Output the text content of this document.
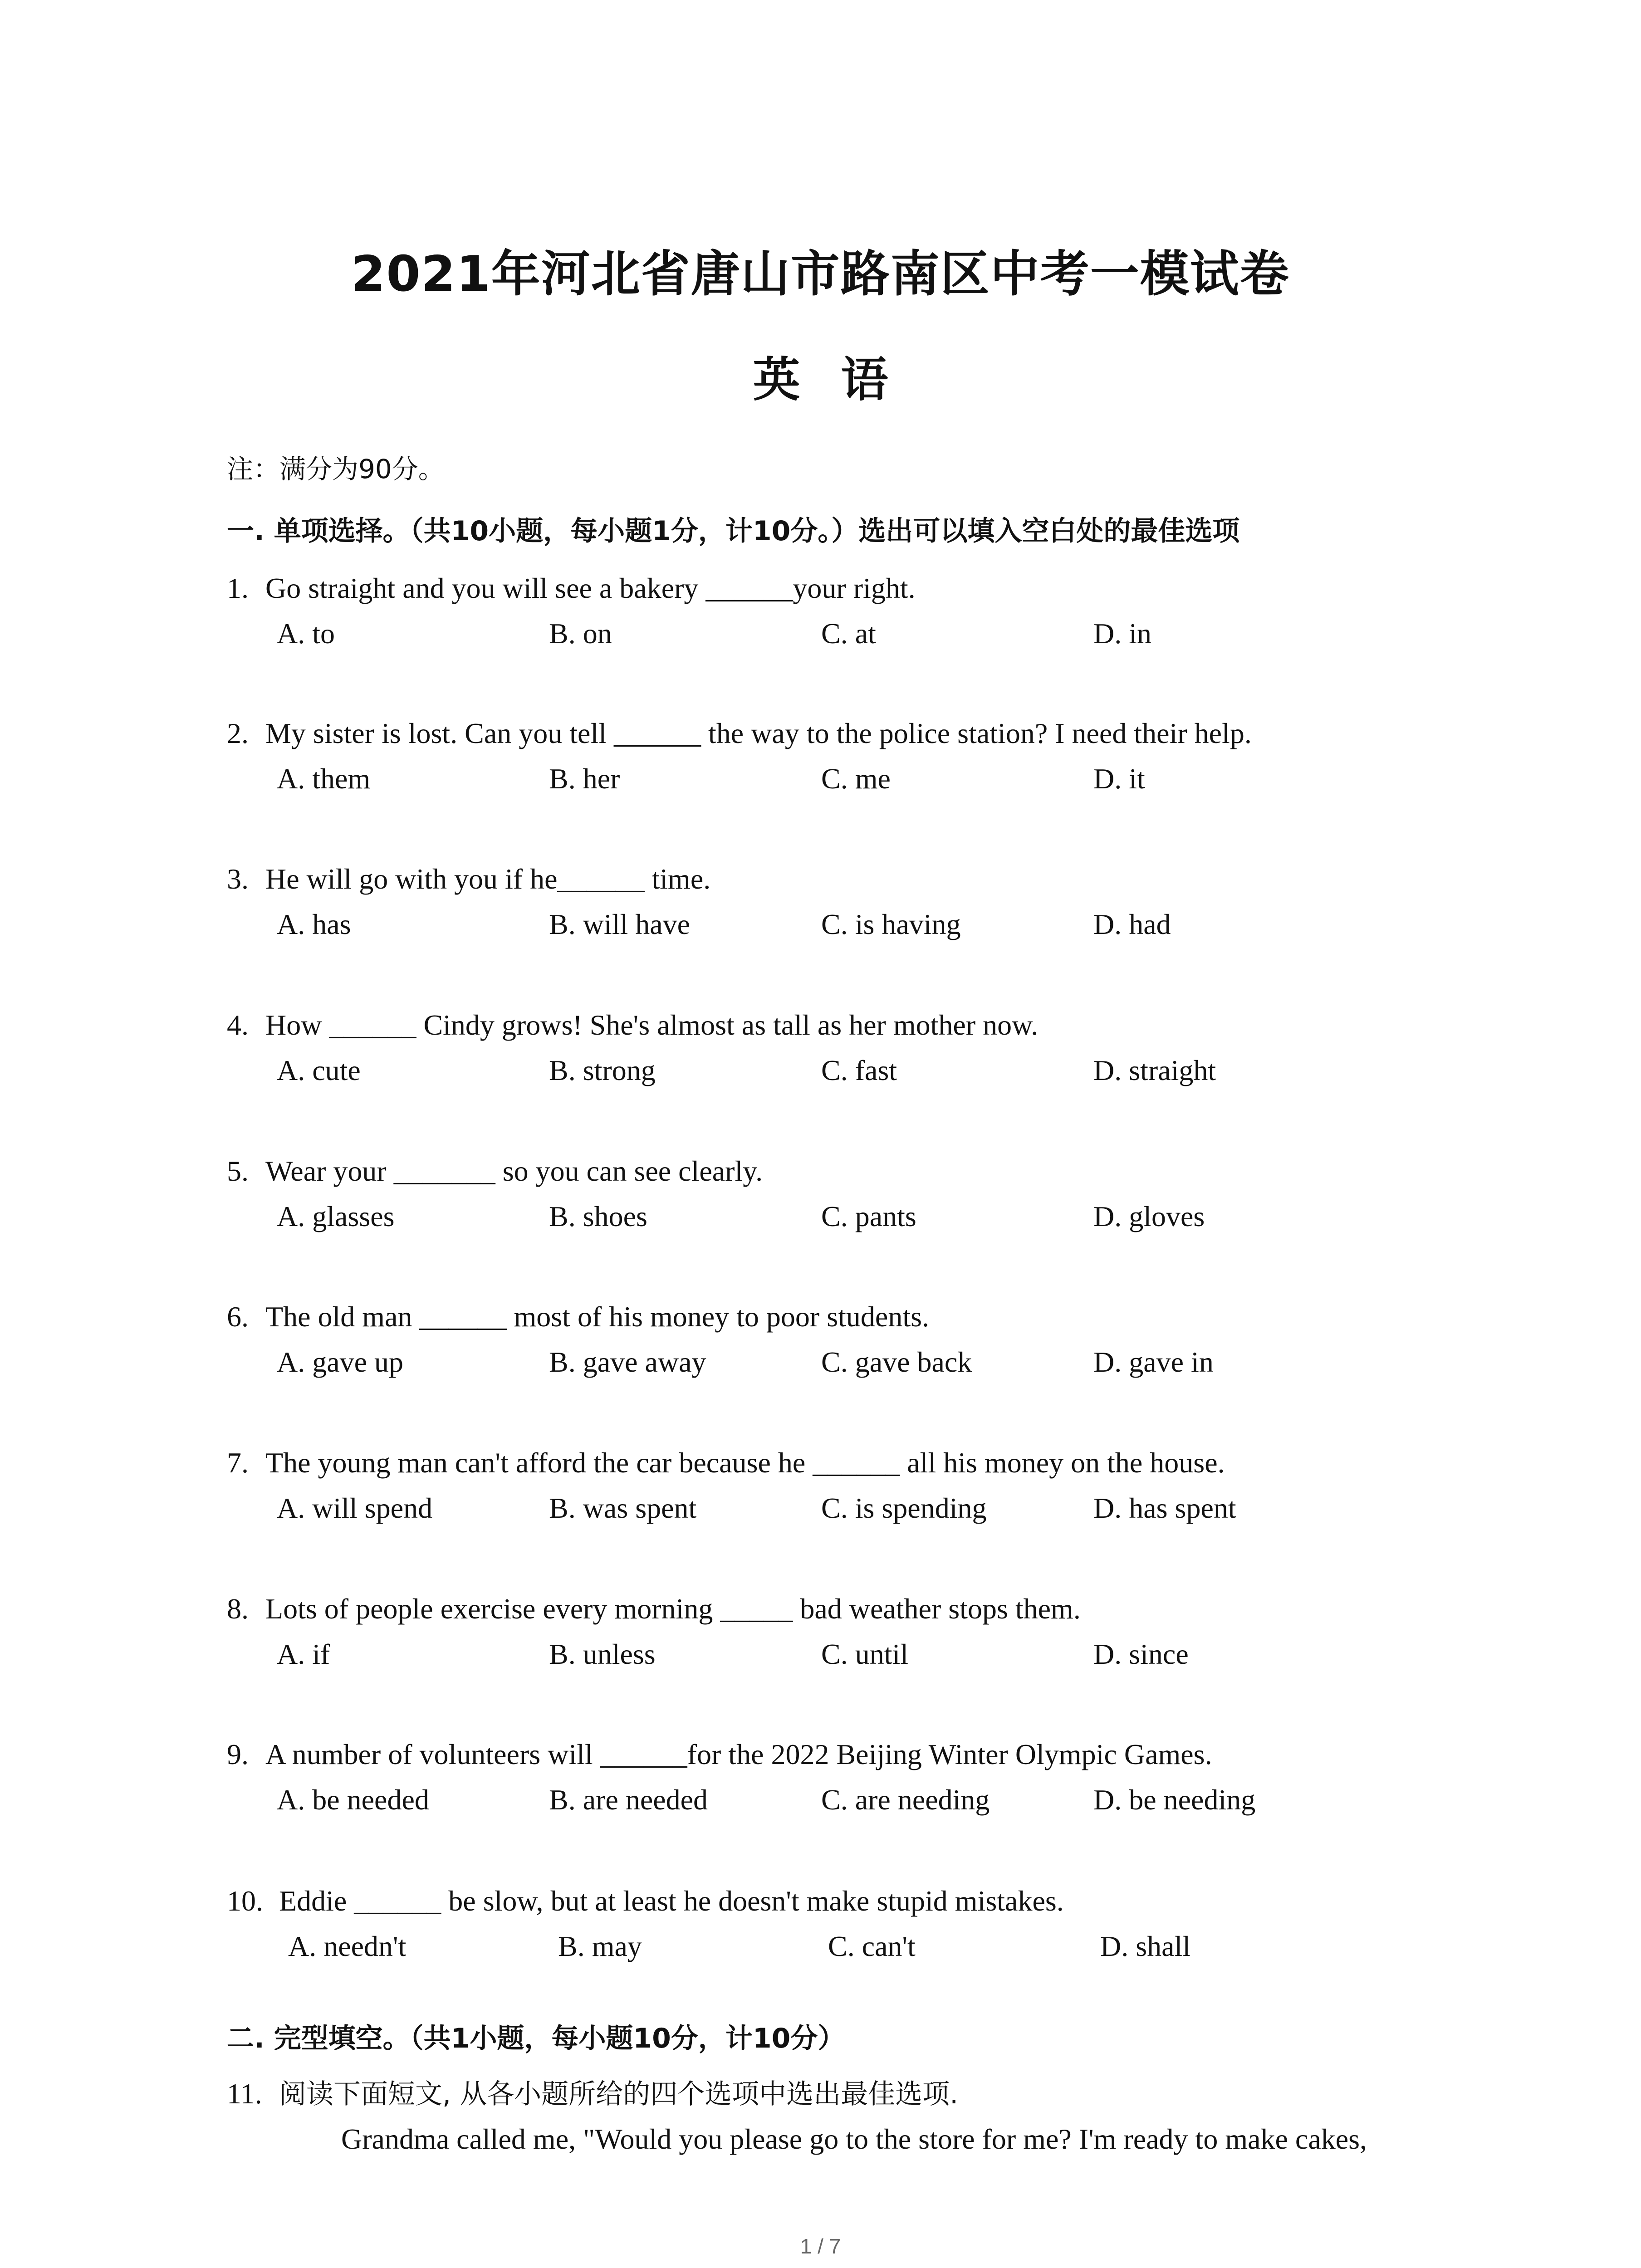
2021年河北省唐山市路南区中考一模试卷
英语
注：满分为90分。
一. 单项选择。（共10小题，每小题1分，计10分。）选出可以填入空白处的最佳选项
1. Go straight and you will see a bakery ______your right.
A. to	B. on	C. at	D. in
2. My sister is lost. Can you tell ______ the way to the police station? I need their help.
A. them	B. her	C. me	D. it
3. He will go with you if he______ time.
A. has	B. will have	C. is having	D. had
4. How ______ Cindy grows! She's almost as tall as her mother now.
A. cute	B. strong	C. fast	D. straight
5. Wear your _______ so you can see clearly.
A. glasses	B. shoes	C. pants	D. gloves
6. The old man ______ most of his money to poor students.
A. gave up	B. gave away	C. gave back	D. gave in
7. The young man can't afford the car because he ______ all his money on the house.
A. will spend	B. was spent	C. is spending	D. has spent
8. Lots of people exercise every morning _____ bad weather stops them.
A. if	B. unless	C. until	D. since
9. A number of volunteers will ______for the 2022 Beijing Winter Olympic Games.
A. be needed	B. are needed	C. are needing	D. be needing
10. Eddie ______ be slow, but at least he doesn't make stupid mistakes.
A. needn't	B. may	C. can't	D. shall
二. 完型填空。（共1小题，每小题10分，计10分）
11. 阅读下面短文, 从各小题所给的四个选项中选出最佳选项.
Grandma called me, "Would you please go to the store for me? I'm ready to make cakes,
1 / 7
